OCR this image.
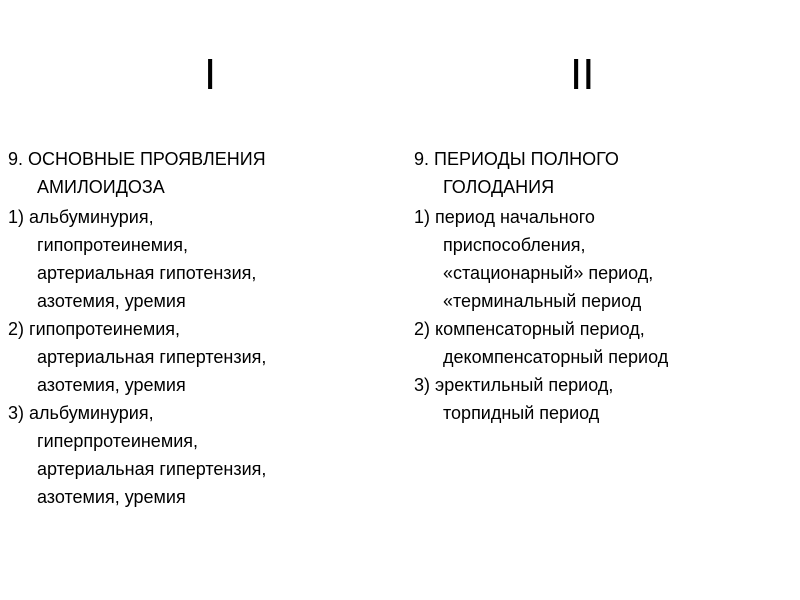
I	II
9. ОСНОВНЫЕ ПРОЯВЛЕНИЯ
АМИЛОИДОЗА
1) альбуминурия,
гипопротеинемия,
артериальная гипотензия,
азотемия, уремия
2) гипопротеинемия,
артериальная гипертензия,
азотемия, уремия
3) альбуминурия,
гиперпротеинемия,
артериальная гипертензия,
азотемия, уремия
9. ПЕРИОДЫ ПОЛНОГО
ГОЛОДАНИЯ
1) период начального
приспособления,
«стационарный» период,
«терминальный период
2) компенсаторный период,
декомпенсаторный период
3) эректильный период,
торпидный период
